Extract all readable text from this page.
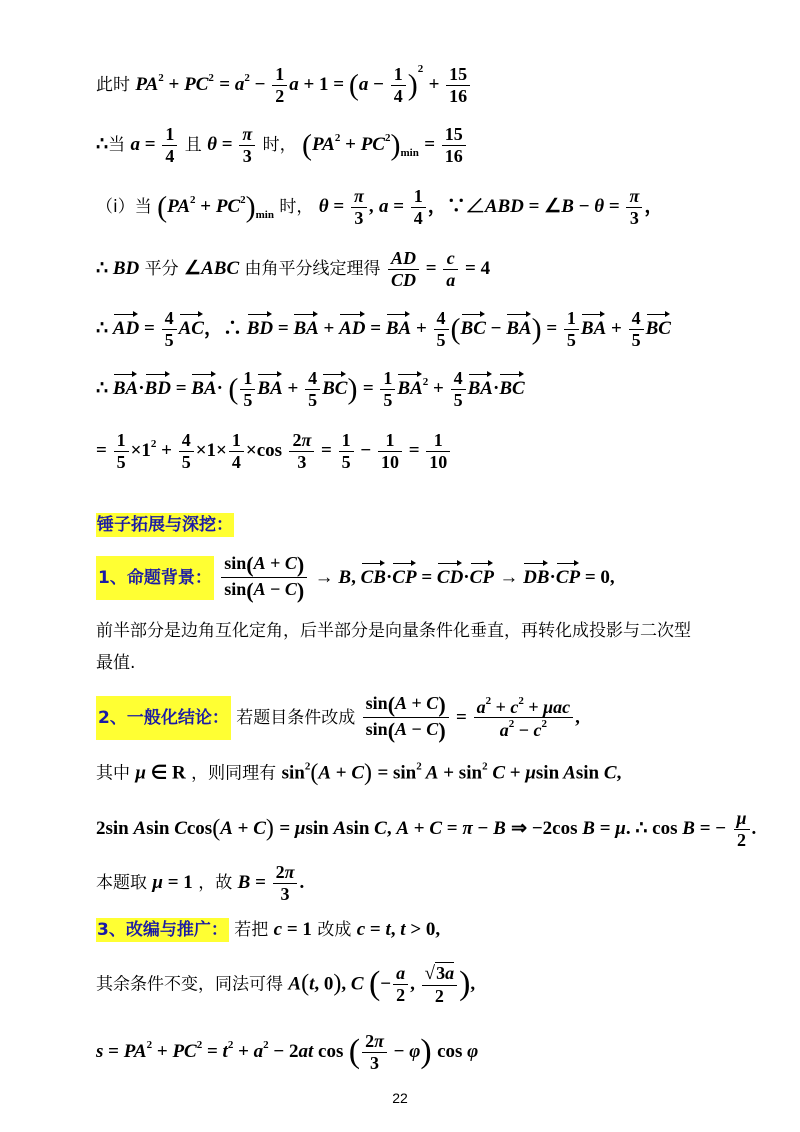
此时 $PA^2 + PC^2 = a^2 - \frac{1}{2}$ $a + 1 = (a - \frac{1}{4} )^2 + \frac{15}{16}$
∴当 $a = \frac{1}{4}$ 且 $\theta = \frac{\pi}{3}$ 时， $(PA^2 + PC^2)_{min} = \frac{15}{16}$
（ⅰ）当 $(PA^2 + PC^2)_{min}$ 时， $\theta = \frac{\pi}{3}$ , $a = \frac{1}{4}$ ，∵∠ABD = ∠B − $\theta = \frac{\pi}{3}$ ，
∴ BD 平分 ∠ABC 由角平分线定理得 $\frac{AD}{CD} = \frac{c}{a} = 4$
∴ AD = $\frac{4}{5}$ AC，∴ BD = BA + AD = BA + $\frac{4}{5} (BC - BA) = \frac{1}{5}$ BA + $\frac{4}{5}$ BC
∴ BA·BD = BA· ( $\frac{1}{5}$ BA + $\frac{4}{5} BC) = \frac{1}{5} BA^2 + \frac{4}{5} BA\cdot BC$
= $\frac{1}{5} \times 1^2 + \frac{4}{5} \times 1\times \frac{1}{4} \times\cos \frac{2\pi}{3} = \frac{1}{5} - \frac{1}{10} = \frac{1}{10}$
锤子拓展与深挖：
1、命题背景： $\frac{\sin(A + C)}{\sin(A - C)} \to B$, CB·CP = CD·CP → DB·CP = 0,
前半部分是边角互化定角，后半部分是向量条件化垂直，再转化成投影与二次型
最值.
2、一般化结论： 若题目条件改成 $\frac{\sin(A + C)}{\sin(A - C)} = \frac{a^2 + c^2 + \mu ac}{a^2 - c^2}$ ,
其中 μ ∈ R ，则同理有 $\sin^2(A + C) = \sin^2 A + \sin^2 C + \mu\sin$ Asin C,
2sin Asin Ccos(A + C) = μsin Asin C, A + C = π − B ⇒ −2cos B = μ. ∴ cos B = − $\frac{\mu}{2}$ .
本题取 μ = 1 ，故 $B = \frac{2\pi}{3}$ .
3、改编与推广： 若把 c = 1 改成 c = t, t > 0,
其余条件不变，同法可得 A(t, 0), C (− $\frac{a}{2}$ , $\frac{√3a}{2}$ ),
$s = PA^2 + PC^2 = t^2 + a^2 - 2at$ cos ( $\frac{2\pi}{3} - \varphi$) cos φ
22
